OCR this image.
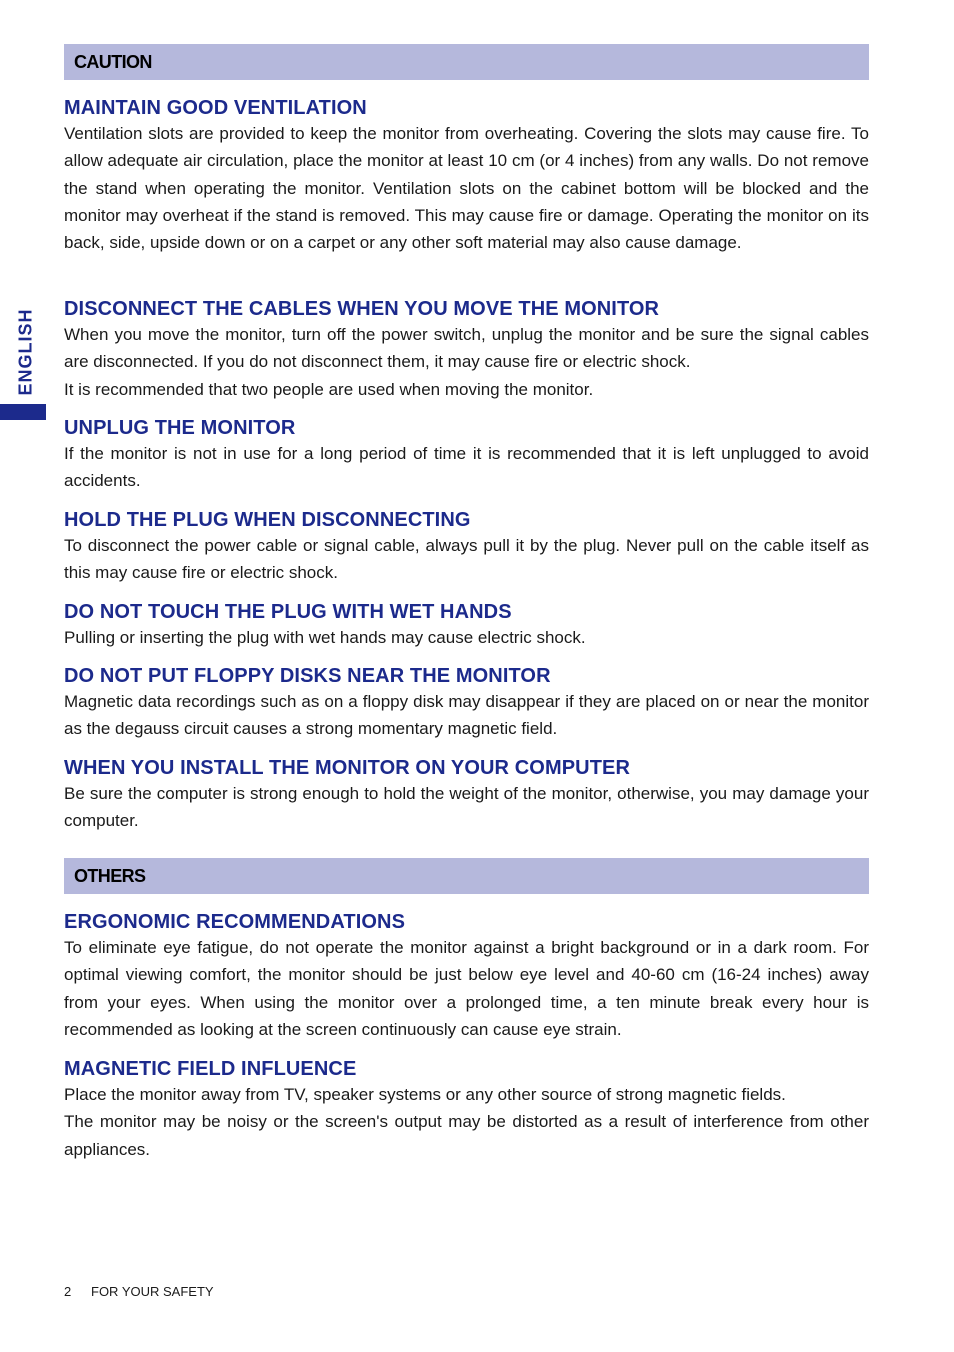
ENGLISH
CAUTION
MAINTAIN GOOD VENTILATION

Ventilation slots are provided to keep the monitor from overheating. Covering the slots may cause fire. To allow adequate air circulation, place the monitor at least 10 cm (or 4 inches) from any walls. Do not remove the stand when operating the monitor. Ventilation slots on the cabinet bottom will be blocked and the monitor may overheat if the stand is removed. This may cause fire or damage. Operating the monitor on its back, side, upside down or on a carpet or any other soft material may also cause damage.

DISCONNECT THE CABLES WHEN YOU MOVE THE MONITOR

When you move the monitor, turn off the power switch, unplug the monitor and be sure the signal cables are disconnected. If you do not disconnect them, it may cause fire or electric shock.

It is recommended that two people are used when moving the monitor.

UNPLUG THE MONITOR

If the monitor is not in use for a long period of time it is recommended that it is left unplugged to avoid accidents.

HOLD THE PLUG WHEN DISCONNECTING

To disconnect the power cable or signal cable, always pull it by the plug. Never pull on the cable itself as this may cause fire or electric shock.

DO NOT TOUCH THE PLUG WITH WET HANDS

Pulling or inserting the plug with wet hands may cause electric shock.

DO NOT PUT FLOPPY DISKS NEAR THE MONITOR

Magnetic data recordings such as on a floppy disk may disappear if they are placed on or near the monitor as the degauss circuit causes a strong momentary magnetic field.

WHEN YOU INSTALL THE MONITOR ON YOUR COMPUTER

Be sure the computer is strong enough to hold the weight of the monitor, otherwise, you may damage your computer.

OTHERS
ERGONOMIC RECOMMENDATIONS

To eliminate eye fatigue, do not operate the monitor against a bright background or in a dark room. For optimal viewing comfort, the monitor should be just below eye level and 40-60 cm (16-24 inches) away from your eyes. When using the monitor over a prolonged time, a ten minute break every hour is recommended as looking at the screen continuously can cause eye strain.

MAGNETIC FIELD INFLUENCE

Place the monitor away from TV, speaker systems or any other source of strong magnetic fields.

The monitor may be noisy or the screen's output may be distorted as a result of interference from other appliances.

2 FOR YOUR SAFETY
